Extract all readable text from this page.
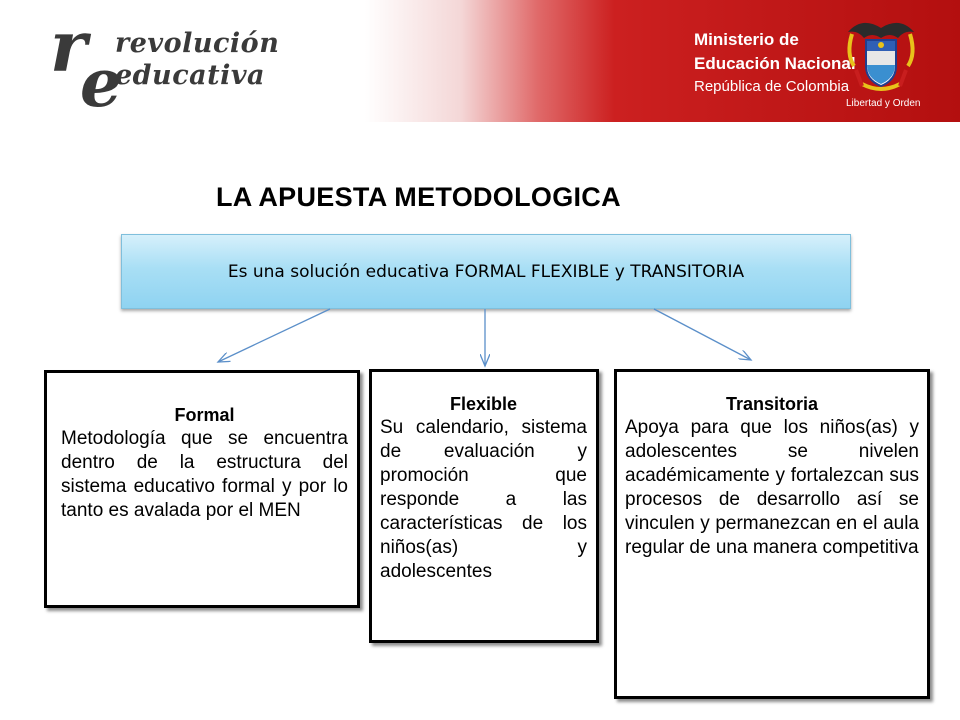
r
e
revolución
educativa
Ministerio de
Educación Nacional
República de Colombia
Libertad y Orden
LA APUESTA METODOLOGICA
Es una solución educativa FORMAL FLEXIBLE y TRANSITORIA
Formal
Metodología que se encuentra dentro de la estructura del sistema educativo formal y por lo tanto es avalada por el MEN
Flexible
Su calendario, sistema de evaluación y promoción que responde a las características de los niños(as) y adolescentes
Transitoria
Apoya para que los niños(as) y adolescentes se nivelen académicamente y fortalezcan sus procesos de desarrollo así se vinculen y permanezcan en el aula regular de una manera competitiva
